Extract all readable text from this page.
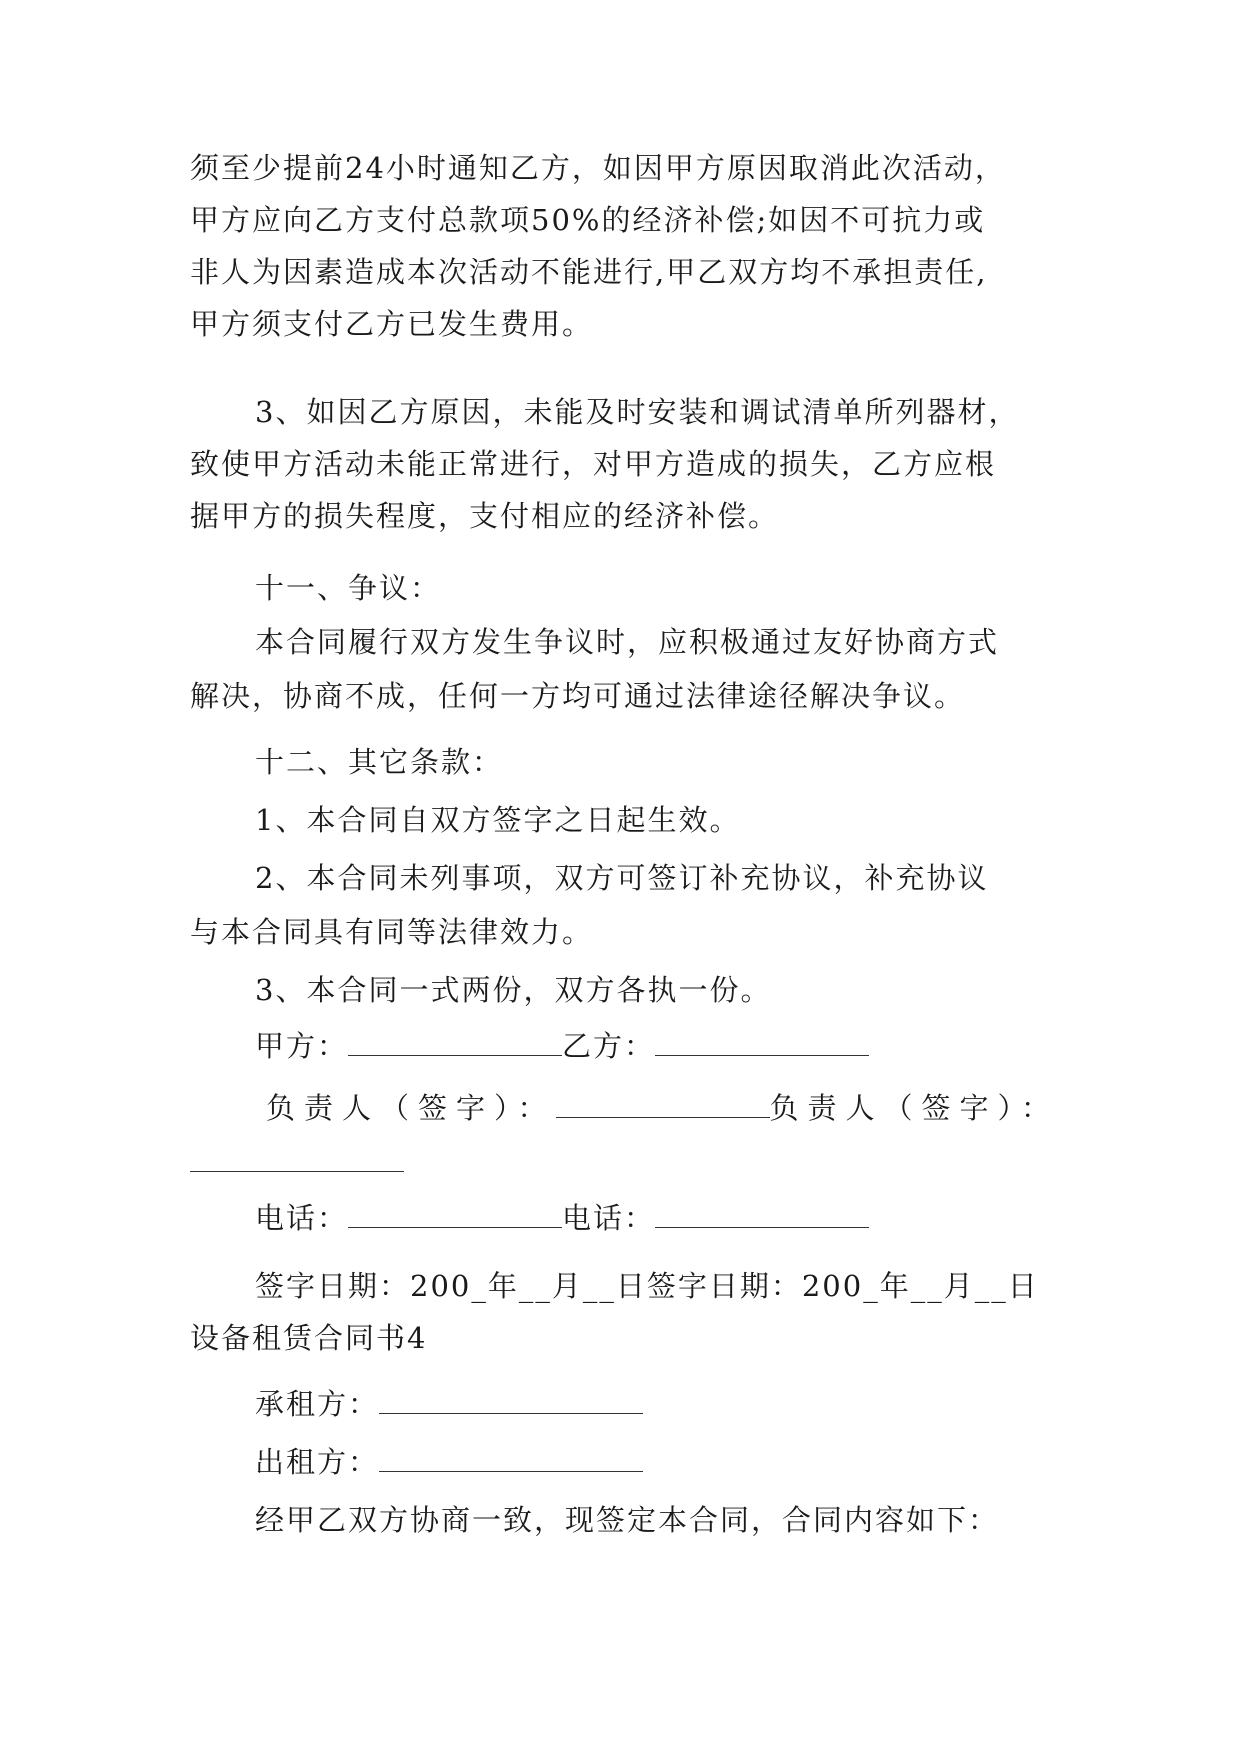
须至少提前24小时通知乙方，如因甲方原因取消此次活动，
甲方应向乙方支付总款项50%的经济补偿;如因不可抗力或
非人为因素造成本次活动不能进行,甲乙双方均不承担责任,
甲方须支付乙方已发生费用。
3、如因乙方原因，未能及时安装和调试清单所列器材，
致使甲方活动未能正常进行，对甲方造成的损失，乙方应根
据甲方的损失程度，支付相应的经济补偿。
十一、争议：
本合同履行双方发生争议时，应积极通过友好协商方式
解决，协商不成，任何一方均可通过法律途径解决争议。
十二、其它条款：
1、本合同自双方签字之日起生效。
2、本合同未列事项，双方可签订补充协议，补充协议
与本合同具有同等法律效力。
3、本合同一式两份，双方各执一份。
甲方：	乙方：
负责人（签字）：	负责人（签字）：
电话：	电话：
签字日期：200_年__月__日签字日期：200_年__月__日
设备租赁合同书4
承租方：
出租方：
经甲乙双方协商一致，现签定本合同，合同内容如下：
